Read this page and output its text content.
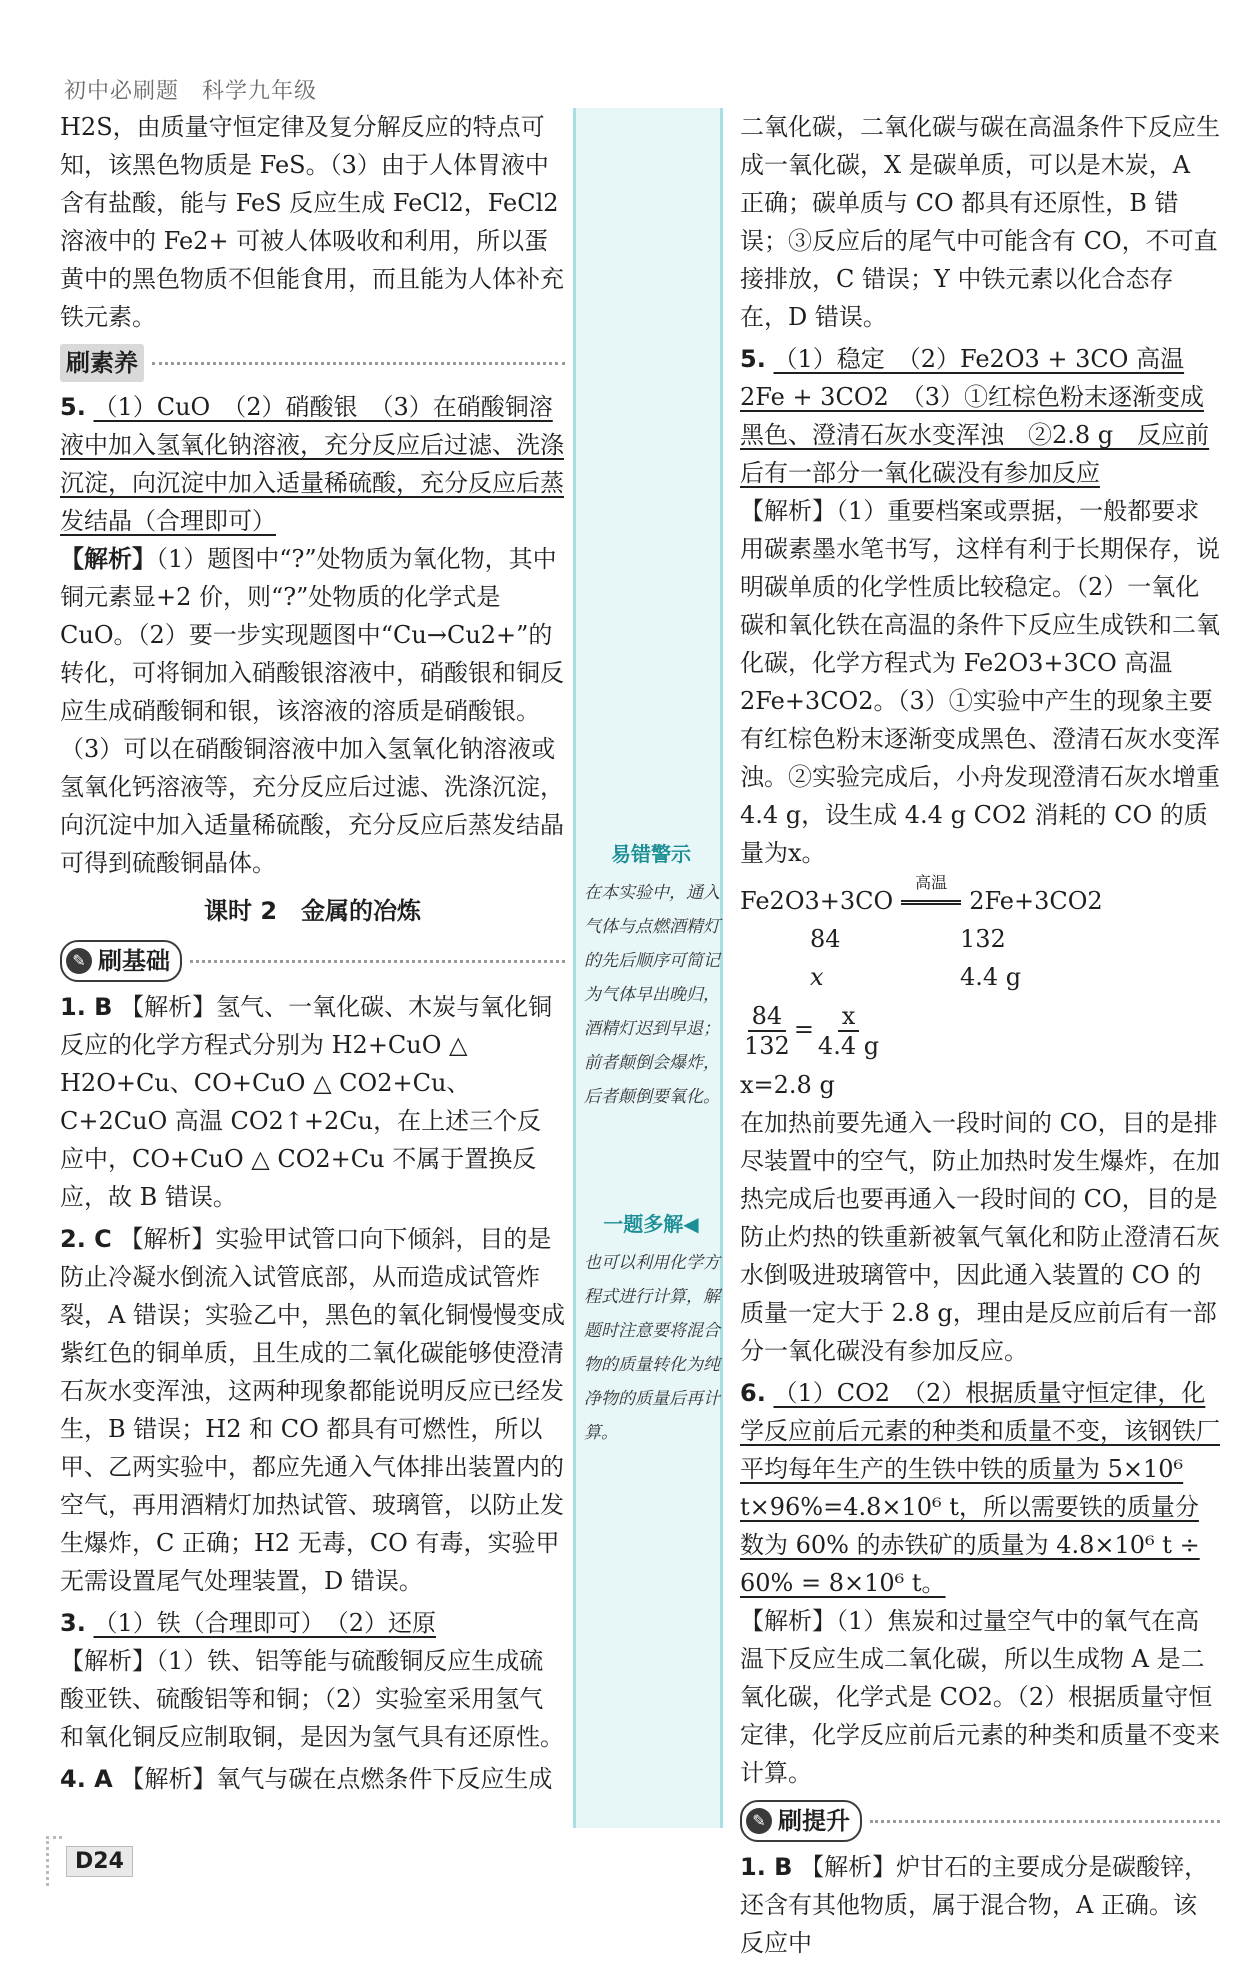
初中必刷题　科学九年级

H2S，由质量守恒定律及复分解反应的特点可知，该黑色物质是 FeS。（3）由于人体胃液中含有盐酸，能与 FeS 反应生成 FeCl2，FeCl2 溶液中的 Fe2+ 可被人体吸收和利用，所以蛋黄中的黑色物质不但能食用，而且能为人体补充铁元素。

刷素养

5. （1）CuO　（2）硝酸银　（3）在硝酸铜溶液中加入氢氧化钠溶液，充分反应后过滤、洗涤沉淀，向沉淀中加入适量稀硫酸，充分反应后蒸发结晶（合理即可）

【解析】（1）题图中“?”处物质为氧化物，其中铜元素显+2 价，则“?”处物质的化学式是 CuO。（2）要一步实现题图中“Cu→Cu2+”的转化，可将铜加入硝酸银溶液中，硝酸银和铜反应生成硝酸铜和银，该溶液的溶质是硝酸银。（3）可以在硝酸铜溶液中加入氢氧化钠溶液或氢氧化钙溶液等，充分反应后过滤、洗涤沉淀，向沉淀中加入适量稀硫酸，充分反应后蒸发结晶可得到硫酸铜晶体。

课时 2　金属的冶炼
✎ 刷基础

1. B 【解析】氢气、一氧化碳、木炭与氧化铜反应的化学方程式分别为 H2+CuO △ H2O+Cu、CO+CuO △ CO2+Cu、C+2CuO 高温 CO2↑+2Cu，在上述三个反应中，CO+CuO △ CO2+Cu 不属于置换反应，故 B 错误。

2. C 【解析】实验甲试管口向下倾斜，目的是防止冷凝水倒流入试管底部，从而造成试管炸裂，A 错误；实验乙中，黑色的氧化铜慢慢变成紫红色的铜单质，且生成的二氧化碳能够使澄清石灰水变浑浊，这两种现象都能说明反应已经发生，B 错误；H2 和 CO 都具有可燃性，所以甲、乙两实验中，都应先通入气体排出装置内的空气，再用酒精灯加热试管、玻璃管，以防止发生爆炸，C 正确；H2 无毒，CO 有毒，实验甲无需设置尾气处理装置，D 错误。

3. （1）铁（合理即可）　（2）还原

【解析】（1）铁、铝等能与硫酸铜反应生成硫酸亚铁、硫酸铝等和铜；（2）实验室采用氢气和氧化铜反应制取铜，是因为氢气具有还原性。

4. A 【解析】氧气与碳在点燃条件下反应生成

易错警示
在本实验中，通入气体与点燃酒精灯的先后顺序可简记为气体早出晚归，酒精灯迟到早退；前者颠倒会爆炸，后者颠倒要氧化。
一题多解◀
也可以利用化学方程式进行计算，解题时注意要将混合物的质量转化为纯净物的质量后再计算。

二氧化碳，二氧化碳与碳在高温条件下反应生成一氧化碳，X 是碳单质，可以是木炭，A 正确；碳单质与 CO 都具有还原性，B 错误；③反应后的尾气中可能含有 CO，不可直接排放，C 错误；Y 中铁元素以化合态存在，D 错误。

5. （1）稳定　（2）Fe2O3 + 3CO 高温 2Fe + 3CO2　（3）①红棕色粉末逐渐变成黑色、澄清石灰水变浑浊　②2.8 g　反应前后有一部分一氧化碳没有参加反应

【解析】（1）重要档案或票据，一般都要求用碳素墨水笔书写，这样有利于长期保存，说明碳单质的化学性质比较稳定。（2）一氧化碳和氧化铁在高温的条件下反应生成铁和二氧化碳，化学方程式为 Fe2O3+3CO 高温 2Fe+3CO2。（3）①实验中产生的现象主要有红棕色粉末逐渐变成黑色、澄清石灰水变浑浊。②实验完成后，小舟发现澄清石灰水增重 4.4 g，设生成 4.4 g CO2 消耗的 CO 的质量为x。

Fe2O3+3CO
高温
2Fe+3CO2
84	132
x	4.4 g
$\frac{84}{132} = \frac{x}{4.4 g}$

x=2.8 g

在加热前要先通入一段时间的 CO，目的是排尽装置中的空气，防止加热时发生爆炸，在加热完成后也要再通入一段时间的 CO，目的是防止灼热的铁重新被氧气氧化和防止澄清石灰水倒吸进玻璃管中，因此通入装置的 CO 的质量一定大于 2.8 g，理由是反应前后有一部分一氧化碳没有参加反应。

6. （1）CO2　（2）根据质量守恒定律，化学反应前后元素的种类和质量不变，该钢铁厂平均每年生产的生铁中铁的质量为 5×10⁶ t×96%=4.8×10⁶ t，所以需要铁的质量分数为 60% 的赤铁矿的质量为 4.8×10⁶ t ÷ 60% = 8×10⁶ t。

【解析】（1）焦炭和过量空气中的氧气在高温下反应生成二氧化碳，所以生成物 A 是二氧化碳，化学式是 CO2。（2）根据质量守恒定律，化学反应前后元素的种类和质量不变来计算。

✎ 刷提升

1. B 【解析】炉甘石的主要成分是碳酸锌，还含有其他物质，属于混合物，A 正确。该反应中

D24
